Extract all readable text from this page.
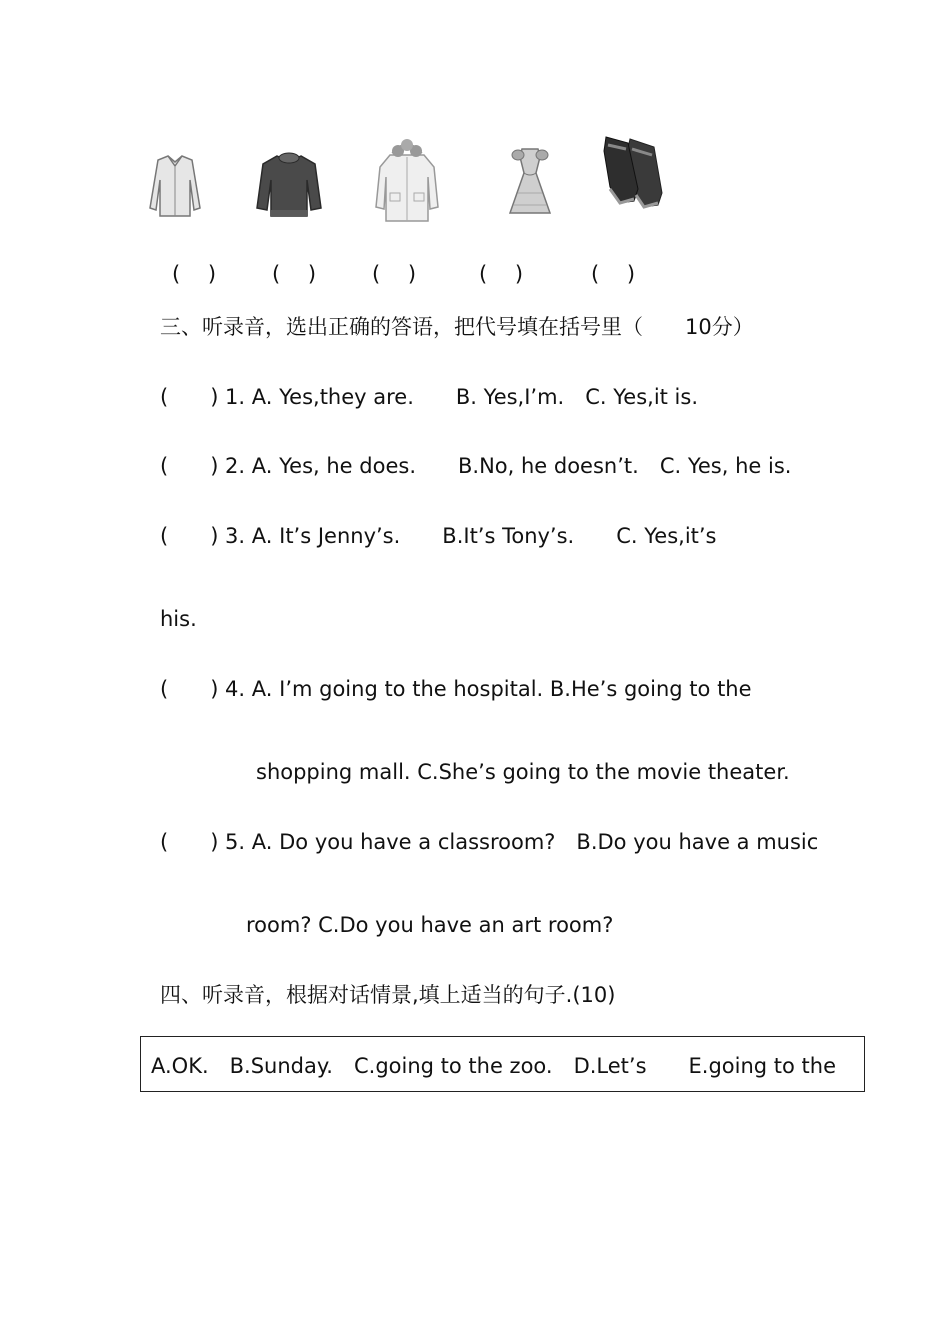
(　 )	(　 )	(　 )	(　 )	(　 )
三、听录音，选出正确的答语，把代号填在括号里（　　10分）
(　　) 1. A. Yes,they are.　　B. Yes,I’m.　C. Yes,it is.
(　　) 2. A. Yes, he does.　　B.No, he doesn’t.　C. Yes, he is.
(　　) 3. A. It’s Jenny’s.　　B.It’s Tony’s.　　C. Yes,it’s
his.
(　　) 4. A. I’m going to the hospital. B.He’s going to the
shopping mall. C.She’s going to the movie theater.
(　　) 5. A. Do you have a classroom?　B.Do you have a music
room? C.Do you have an art room?
四、听录音，根据对话情景,填上适当的句子.(10)
A.OK.　B.Sunday.　C.going to the zoo.　D.Let’s　　E.going to the
